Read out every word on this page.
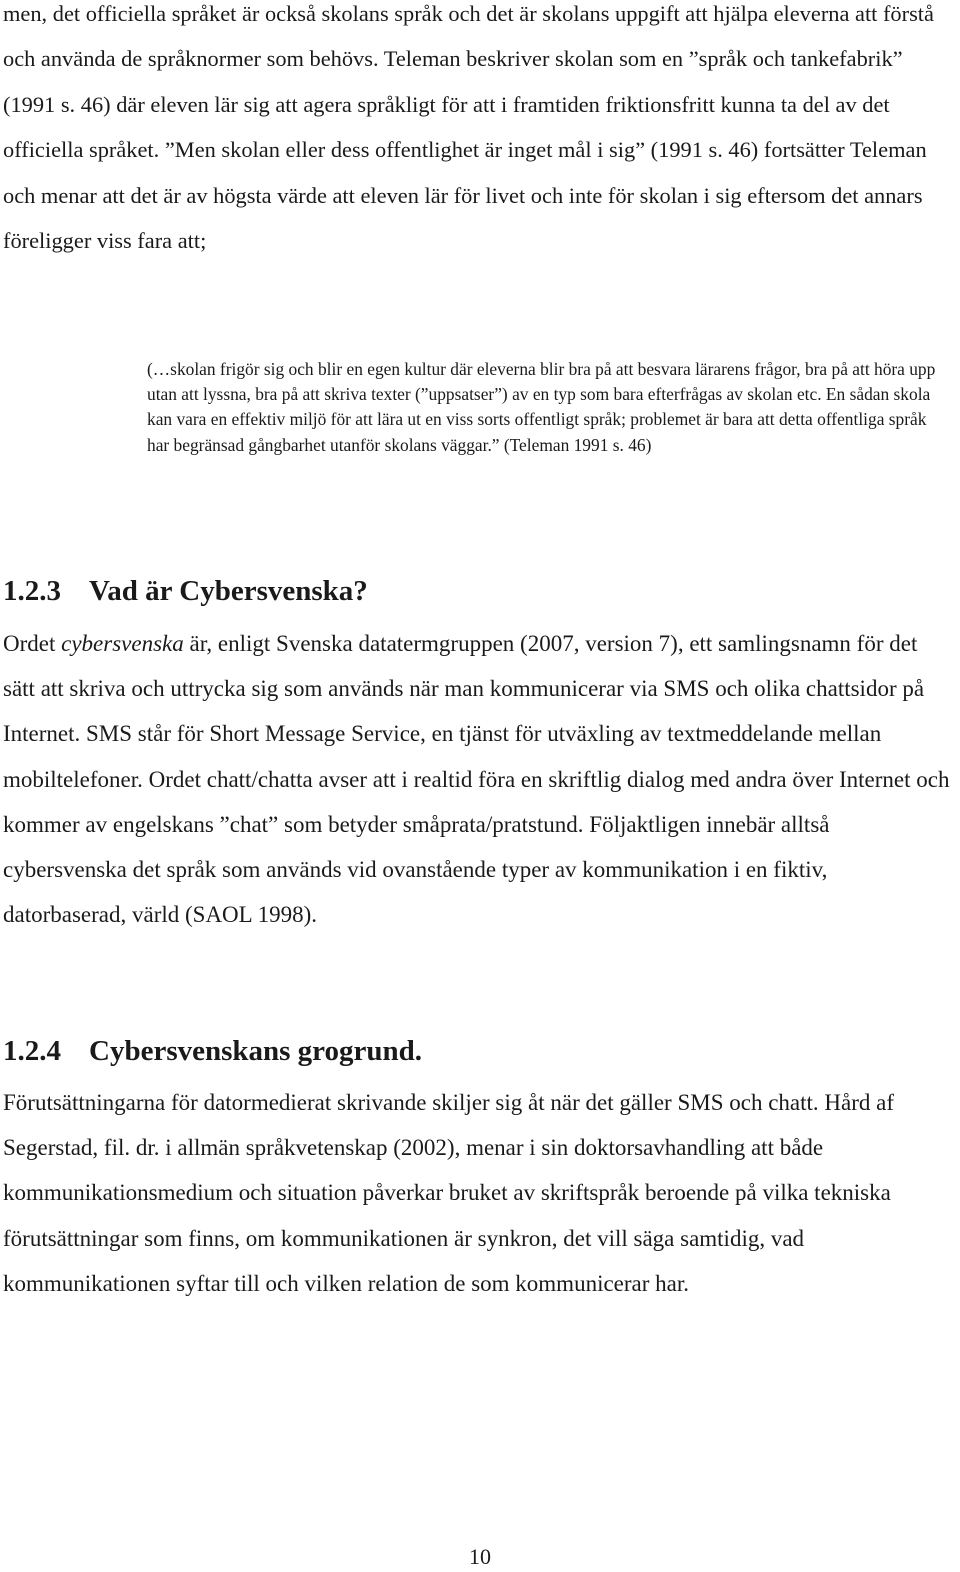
men, det officiella språket är också skolans språk och det är skolans uppgift att hjälpa eleverna att förstå och använda de språknormer som behövs. Teleman beskriver skolan som en ”språk och tankefabrik” (1991 s. 46) där eleven lär sig att agera språkligt för att i framtiden friktionsfritt kunna ta del av det officiella språket. ”Men skolan eller dess offentlighet är inget mål i sig” (1991 s. 46) fortsätter Teleman och menar att det är av högsta värde att eleven lär för livet och inte för skolan i sig eftersom det annars föreligger viss fara att;

(…skolan frigör sig och blir en egen kultur där eleverna blir bra på att besvara lärarens frågor, bra på att höra upp utan att lyssna, bra på att skriva texter (”uppsatser”) av en typ som bara efterfrågas av skolan etc. En sådan skola kan vara en effektiv miljö för att lära ut en viss sorts offentligt språk; problemet är bara att detta offentliga språk har begränsad gångbarhet utanför skolans väggar.” (Teleman 1991 s. 46)

1.2.3 Vad är Cybersvenska?

Ordet cybersvenska är, enligt Svenska datatermgruppen (2007, version 7), ett samlingsnamn för det sätt att skriva och uttrycka sig som används när man kommunicerar via SMS och olika chattsidor på Internet. SMS står för Short Message Service, en tjänst för utväxling av textmeddelande mellan mobiltelefoner. Ordet chatt/chatta avser att i realtid föra en skriftlig dialog med andra över Internet och kommer av engelskans ”chat” som betyder småprata/pratstund. Följaktligen innebär alltså cybersvenska det språk som används vid ovanstående typer av kommunikation i en fiktiv, datorbaserad, värld (SAOL 1998).

1.2.4 Cybersvenskans grogrund.

Förutsättningarna för datormedierat skrivande skiljer sig åt när det gäller SMS och chatt. Hård af Segerstad, fil. dr. i allmän språkvetenskap (2002), menar i sin doktorsavhandling att både kommunikationsmedium och situation påverkar bruket av skriftspråk beroende på vilka tekniska förutsättningar som finns, om kommunikationen är synkron, det vill säga samtidig, vad kommunikationen syftar till och vilken relation de som kommunicerar har.

10
